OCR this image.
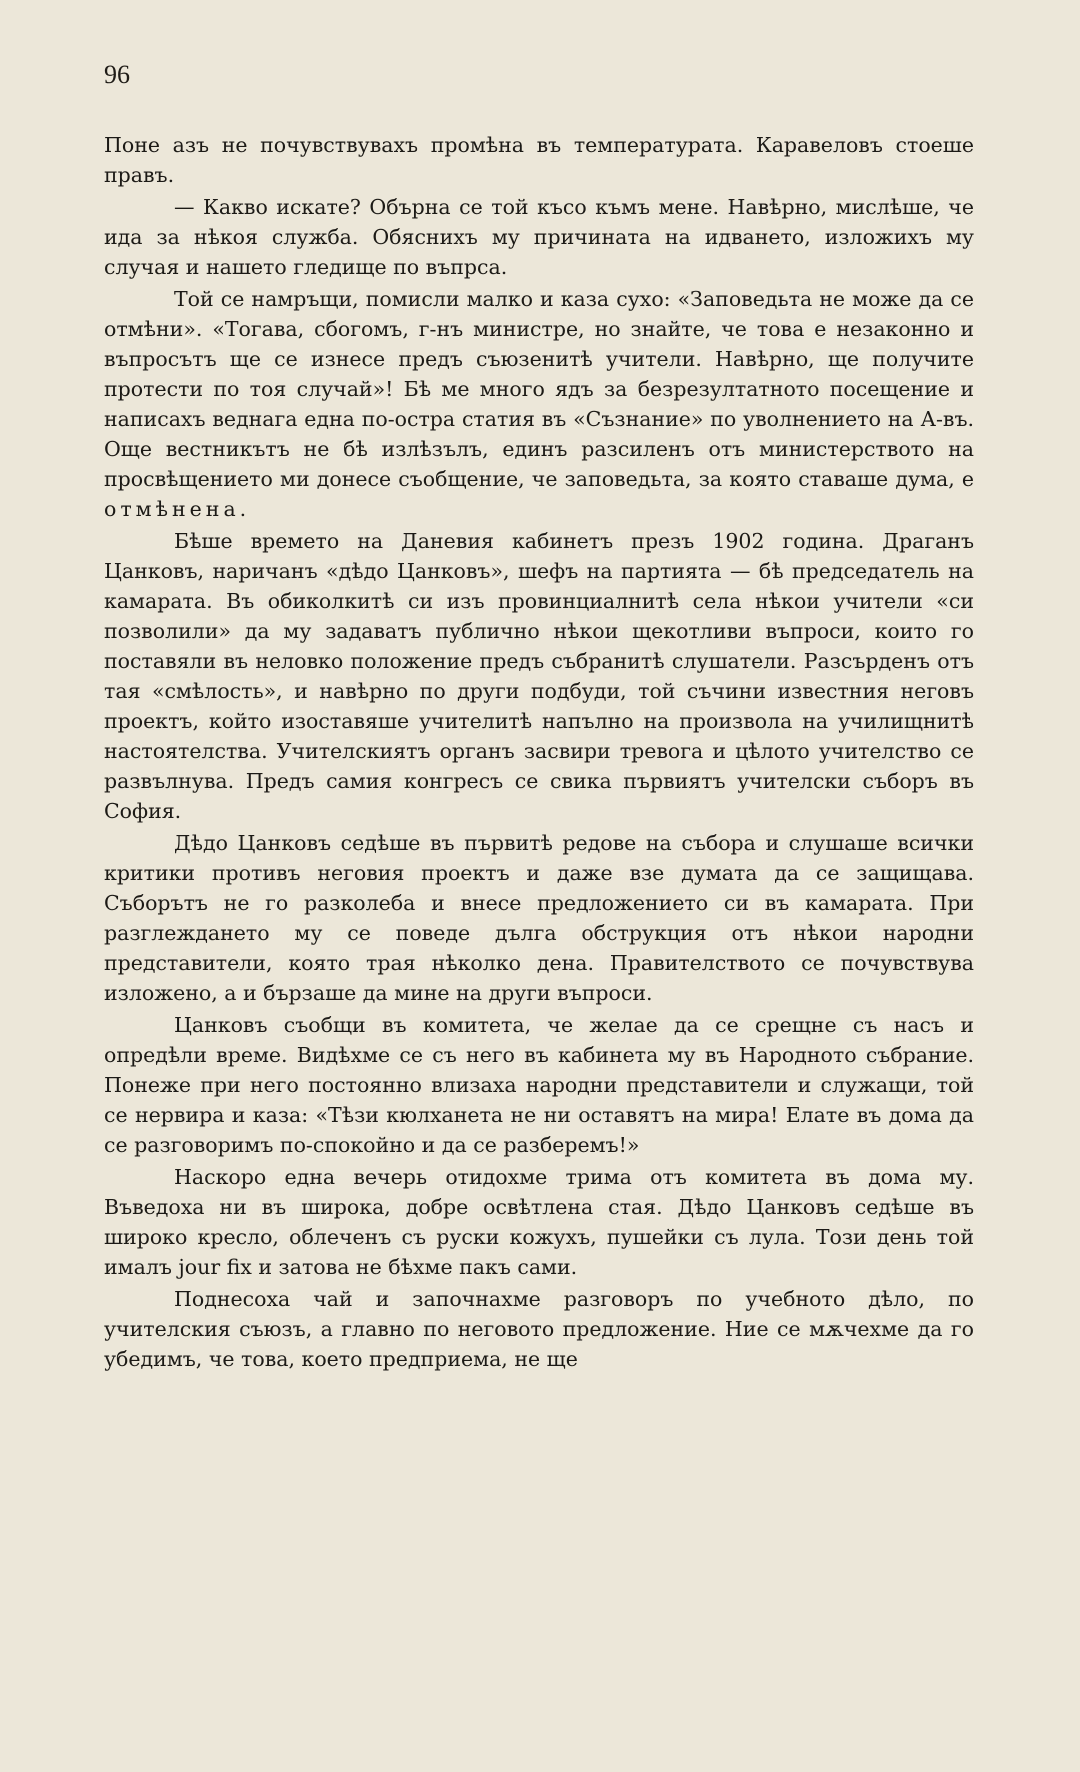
96

Поне азъ не почувствувахъ промѣна въ температурата. Карaвеловъ стоеше правъ.

— Какво искате? Обърна се той късо къмъ мене. Навѣрно, мислѣше, че ида за нѣкоя служба. Обяснихъ му причината на идването, изложихъ му случая и нашето гледище по въпрса.

Той се намръщи, помисли малко и каза сухо: «Заповедьта не може да се отмѣни». «Тогава, сбогомъ, г-нъ министре, но знайте, че това е незаконно и въпросътъ ще се изнесе предъ съюзенитѣ учители. Навѣрно, ще получите протести по тоя случай»! Бѣ ме много ядъ за безрезултатното посещение и написахъ веднага една по-остра статия въ «Съзнание» по уволнението на А-въ. Още вестникътъ не бѣ излѣзълъ, единъ разсиленъ отъ министерството на просвѣщението ми донесе съобщение, че заповедьта, за която ставаше дума, е отмѣнена.

Бѣше времето на Даневия кабинетъ презъ 1902 година. Драганъ Цанковъ, наричанъ «дѣдо Цанковъ», шефъ на партията — бѣ председатель на камарата. Въ обиколкитѣ си изъ провинциалнитѣ села нѣкои учители «си позволили» да му задаватъ публично нѣкои щекотливи въпроси, които го поставяли въ неловко положение предъ събранитѣ слушатели. Разсърденъ отъ тая «смѣлость», и навѣрно по други подбуди, той съчини известния неговъ проектъ, който изоставяше учителитѣ напълно на произвола на училищнитѣ настоятелства. Учителскиятъ органъ засвири тревога и цѣлото учителство се развълнува. Предъ самия конгресъ се свика първиятъ учителски съборъ въ София.

Дѣдо Цанковъ седѣше въ първитѣ редове на събора и слушаше всички критики противъ неговия проектъ и даже взе думата да се защищава. Съборътъ не го разколеба и внесе предложението си въ камарата. При разглеждането му се поведе дълга обструкция отъ нѣкои народни представители, която трая нѣколко дена. Правителството се почувствува изложено, а и бързаше да мине на други въпроси.

Цанковъ съобщи въ комитета, че желае да се срещне съ насъ и опредѣли време. Видѣхме се съ него въ кабинета му въ Народното събрание. Понеже при него постоянно влизаха народни представители и служащи, той се нервира и каза: «Тѣзи кюлханета не ни оставятъ на мира! Елате въ дома да се разговоримъ по-спокойно и да се разберемъ!»

Наскоро една вечерь отидохме трима отъ комитета въ дома му. Въведоха ни въ широка, добре освѣтлена стая. Дѣдо Цанковъ седѣше въ широко кресло, облеченъ съ руски кожухъ, пушейки съ лула. Този день той ималъ jour fix и затова не бѣхме пакъ сами.

Поднесоха чай и започнахме разговоръ по учебното дѣло, по учителския съюзъ, а главно по неговото предложение. Ние се мѫчехме да го убедимъ, че това, което предприема, не ще
